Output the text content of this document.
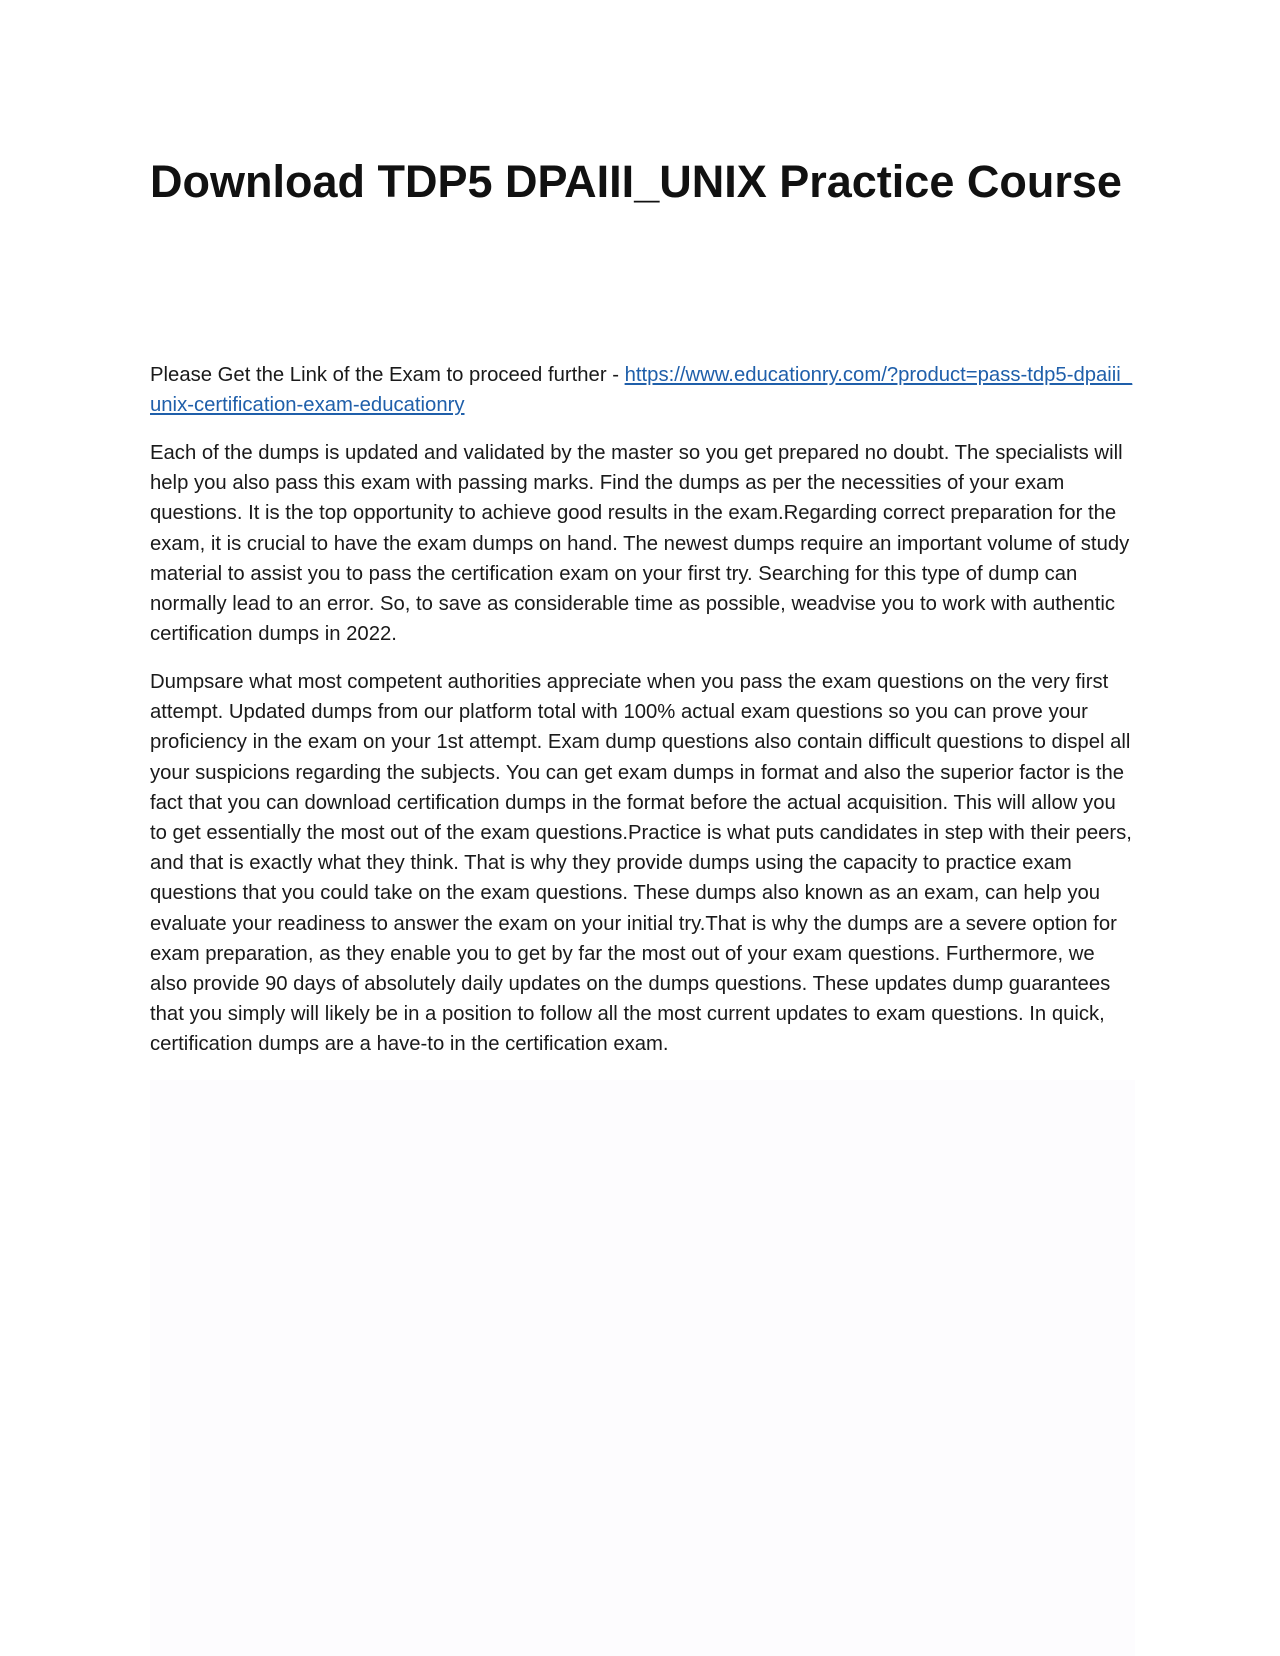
Download TDP5 DPAIII_UNIX Practice Course

Please Get the Link of the Exam to proceed further - https://www.educationry.com/?product=pass-tdp5-dpaiii_unix-certification-exam-educationry

Each of the dumps is updated and validated by the master so you get prepared no doubt. The specialists will help you also pass this exam with passing marks. Find the dumps as per the necessities of your exam questions. It is the top opportunity to achieve good results in the exam.Regarding correct preparation for the exam, it is crucial to have the exam dumps on hand. The newest dumps require an important volume of study material to assist you to pass the certification exam on your first try. Searching for this type of dump can normally lead to an error. So, to save as considerable time as possible, weadvise you to work with authentic certification dumps in 2022.

Dumpsare what most competent authorities appreciate when you pass the exam questions on the very first attempt. Updated dumps from our platform total with 100% actual exam questions so you can prove your proficiency in the exam on your 1st attempt. Exam dump questions also contain difficult questions to dispel all your suspicions regarding the subjects. You can get exam dumps in format and also the superior factor is the fact that you can download certification dumps in the format before the actual acquisition. This will allow you to get essentially the most out of the exam questions.Practice is what puts candidates in step with their peers, and that is exactly what they think. That is why they provide dumps using the capacity to practice exam questions that you could take on the exam questions. These dumps also known as an exam, can help you evaluate your readiness to answer the exam on your initial try.That is why the dumps are a severe option for exam preparation, as they enable you to get by far the most out of your exam questions. Furthermore, we also provide 90 days of absolutely daily updates on the dumps questions. These updates dump guarantees that you simply will likely be in a position to follow all the most current updates to exam questions. In quick, certification dumps are a have-to in the certification exam.
